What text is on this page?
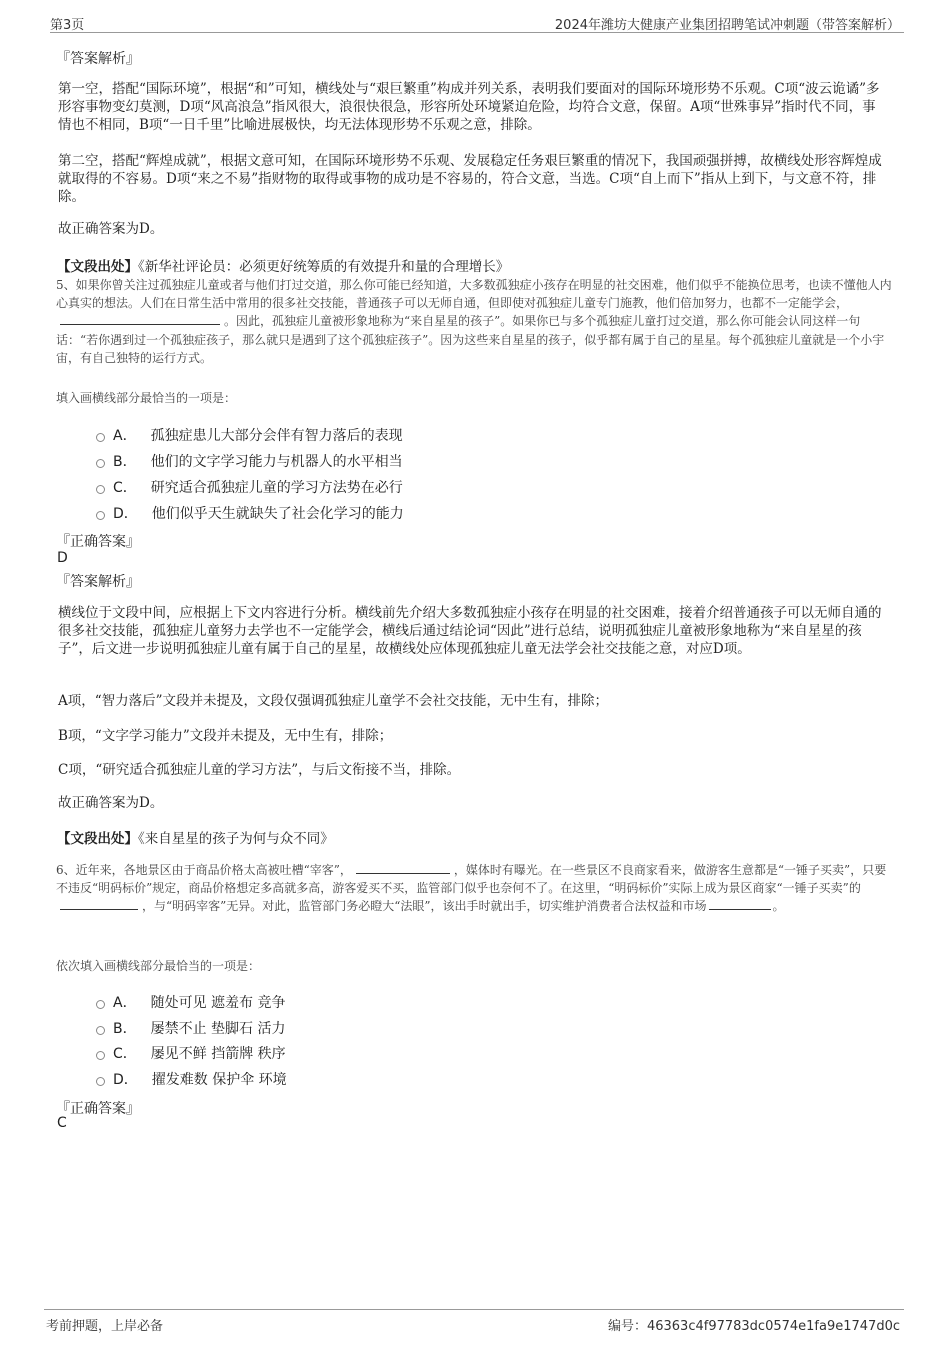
第3页	2024年潍坊大健康产业集团招聘笔试冲刺题（带答案解析）
『答案解析』

第一空，搭配“国际环境”，根据“和”可知，横线处与“艰巨繁重”构成并列关系，表明我们要面对的国际环境形势不乐观。C项“波云诡谲”多形容事物变幻莫测，D项“风高浪急”指风很大，浪很快很急，形容所处环境紧迫危险，均符合文意，保留。A项“世殊事异”指时代不同，事情也不相同，B项“一日千里”比喻进展极快，均无法体现形势不乐观之意，排除。

第二空，搭配“辉煌成就”，根据文意可知，在国际环境形势不乐观、发展稳定任务艰巨繁重的情况下，我国顽强拼搏，故横线处形容辉煌成就取得的不容易。D项“来之不易”指财物的取得或事物的成功是不容易的，符合文意，当选。C项“自上而下”指从上到下，与文意不符，排除。

故正确答案为D。

【文段出处】《新华社评论员：必须更好统筹质的有效提升和量的合理增长》

5、如果你曾关注过孤独症儿童或者与他们打过交道，那么你可能已经知道，大多数孤独症小孩存在明显的社交困难，他们似乎不能换位思考，也读不懂他人内心真实的想法。人们在日常生活中常用的很多社交技能，普通孩子可以无师自通，但即使对孤独症儿童专门施教，他们倍加努力，也都不一定能学会，。因此，孤独症儿童被形象地称为“来自星星的孩子”。如果你已与多个孤独症儿童打过交道，那么你可能会认同这样一句话：“若你遇到过一个孤独症孩子，那么就只是遇到了这个孤独症孩子”。因为这些来自星星的孩子，似乎都有属于自己的星星。每个孤独症儿童就是一个小宇宙，有自己独特的运行方式。

填入画横线部分最恰当的一项是：
A． 孤独症患儿大部分会伴有智力落后的表现
B． 他们的文字学习能力与机器人的水平相当
C． 研究适合孤独症儿童的学习方法势在必行
D． 他们似乎天生就缺失了社会化学习的能力
『正确答案』
D
『答案解析』

横线位于文段中间，应根据上下文内容进行分析。横线前先介绍大多数孤独症小孩存在明显的社交困难，接着介绍普通孩子可以无师自通的很多社交技能，孤独症儿童努力去学也不一定能学会，横线后通过结论词“因此”进行总结，说明孤独症儿童被形象地称为“来自星星的孩子”，后文进一步说明孤独症儿童有属于自己的星星，故横线处应体现孤独症儿童无法学会社交技能之意，对应D项。

A项，“智力落后”文段并未提及，文段仅强调孤独症儿童学不会社交技能，无中生有，排除；

B项，“文字学习能力”文段并未提及，无中生有，排除；

C项，“研究适合孤独症儿童的学习方法”，与后文衔接不当，排除。

故正确答案为D。

【文段出处】《来自星星的孩子为何与众不同》

6、近年来，各地景区由于商品价格太高被吐槽“宰客”，	，媒体时有曝光。在一些景区不良商家看来，做游客生意都是“一锤子买卖”，只要不违反“明码标价”规定，商品价格想定多高就多高，游客爱买不买，监管部门似乎也奈何不了。在这里，“明码标价”实际上成为景区商家“一锤子买卖”的，与“明码宰客”无异。对此，监管部门务必瞪大“法眼”，该出手时就出手，切实维护消费者合法权益和市场	。

依次填入画横线部分最恰当的一项是：
A． 随处可见 遮羞布 竞争
B． 屡禁不止 垫脚石 活力
C． 屡见不鲜 挡箭牌 秩序
D． 擢发难数 保护伞 环境
『正确答案』
C
考前押题，上岸必备	编号：46363c4f97783dc0574e1fa9e1747d0c
